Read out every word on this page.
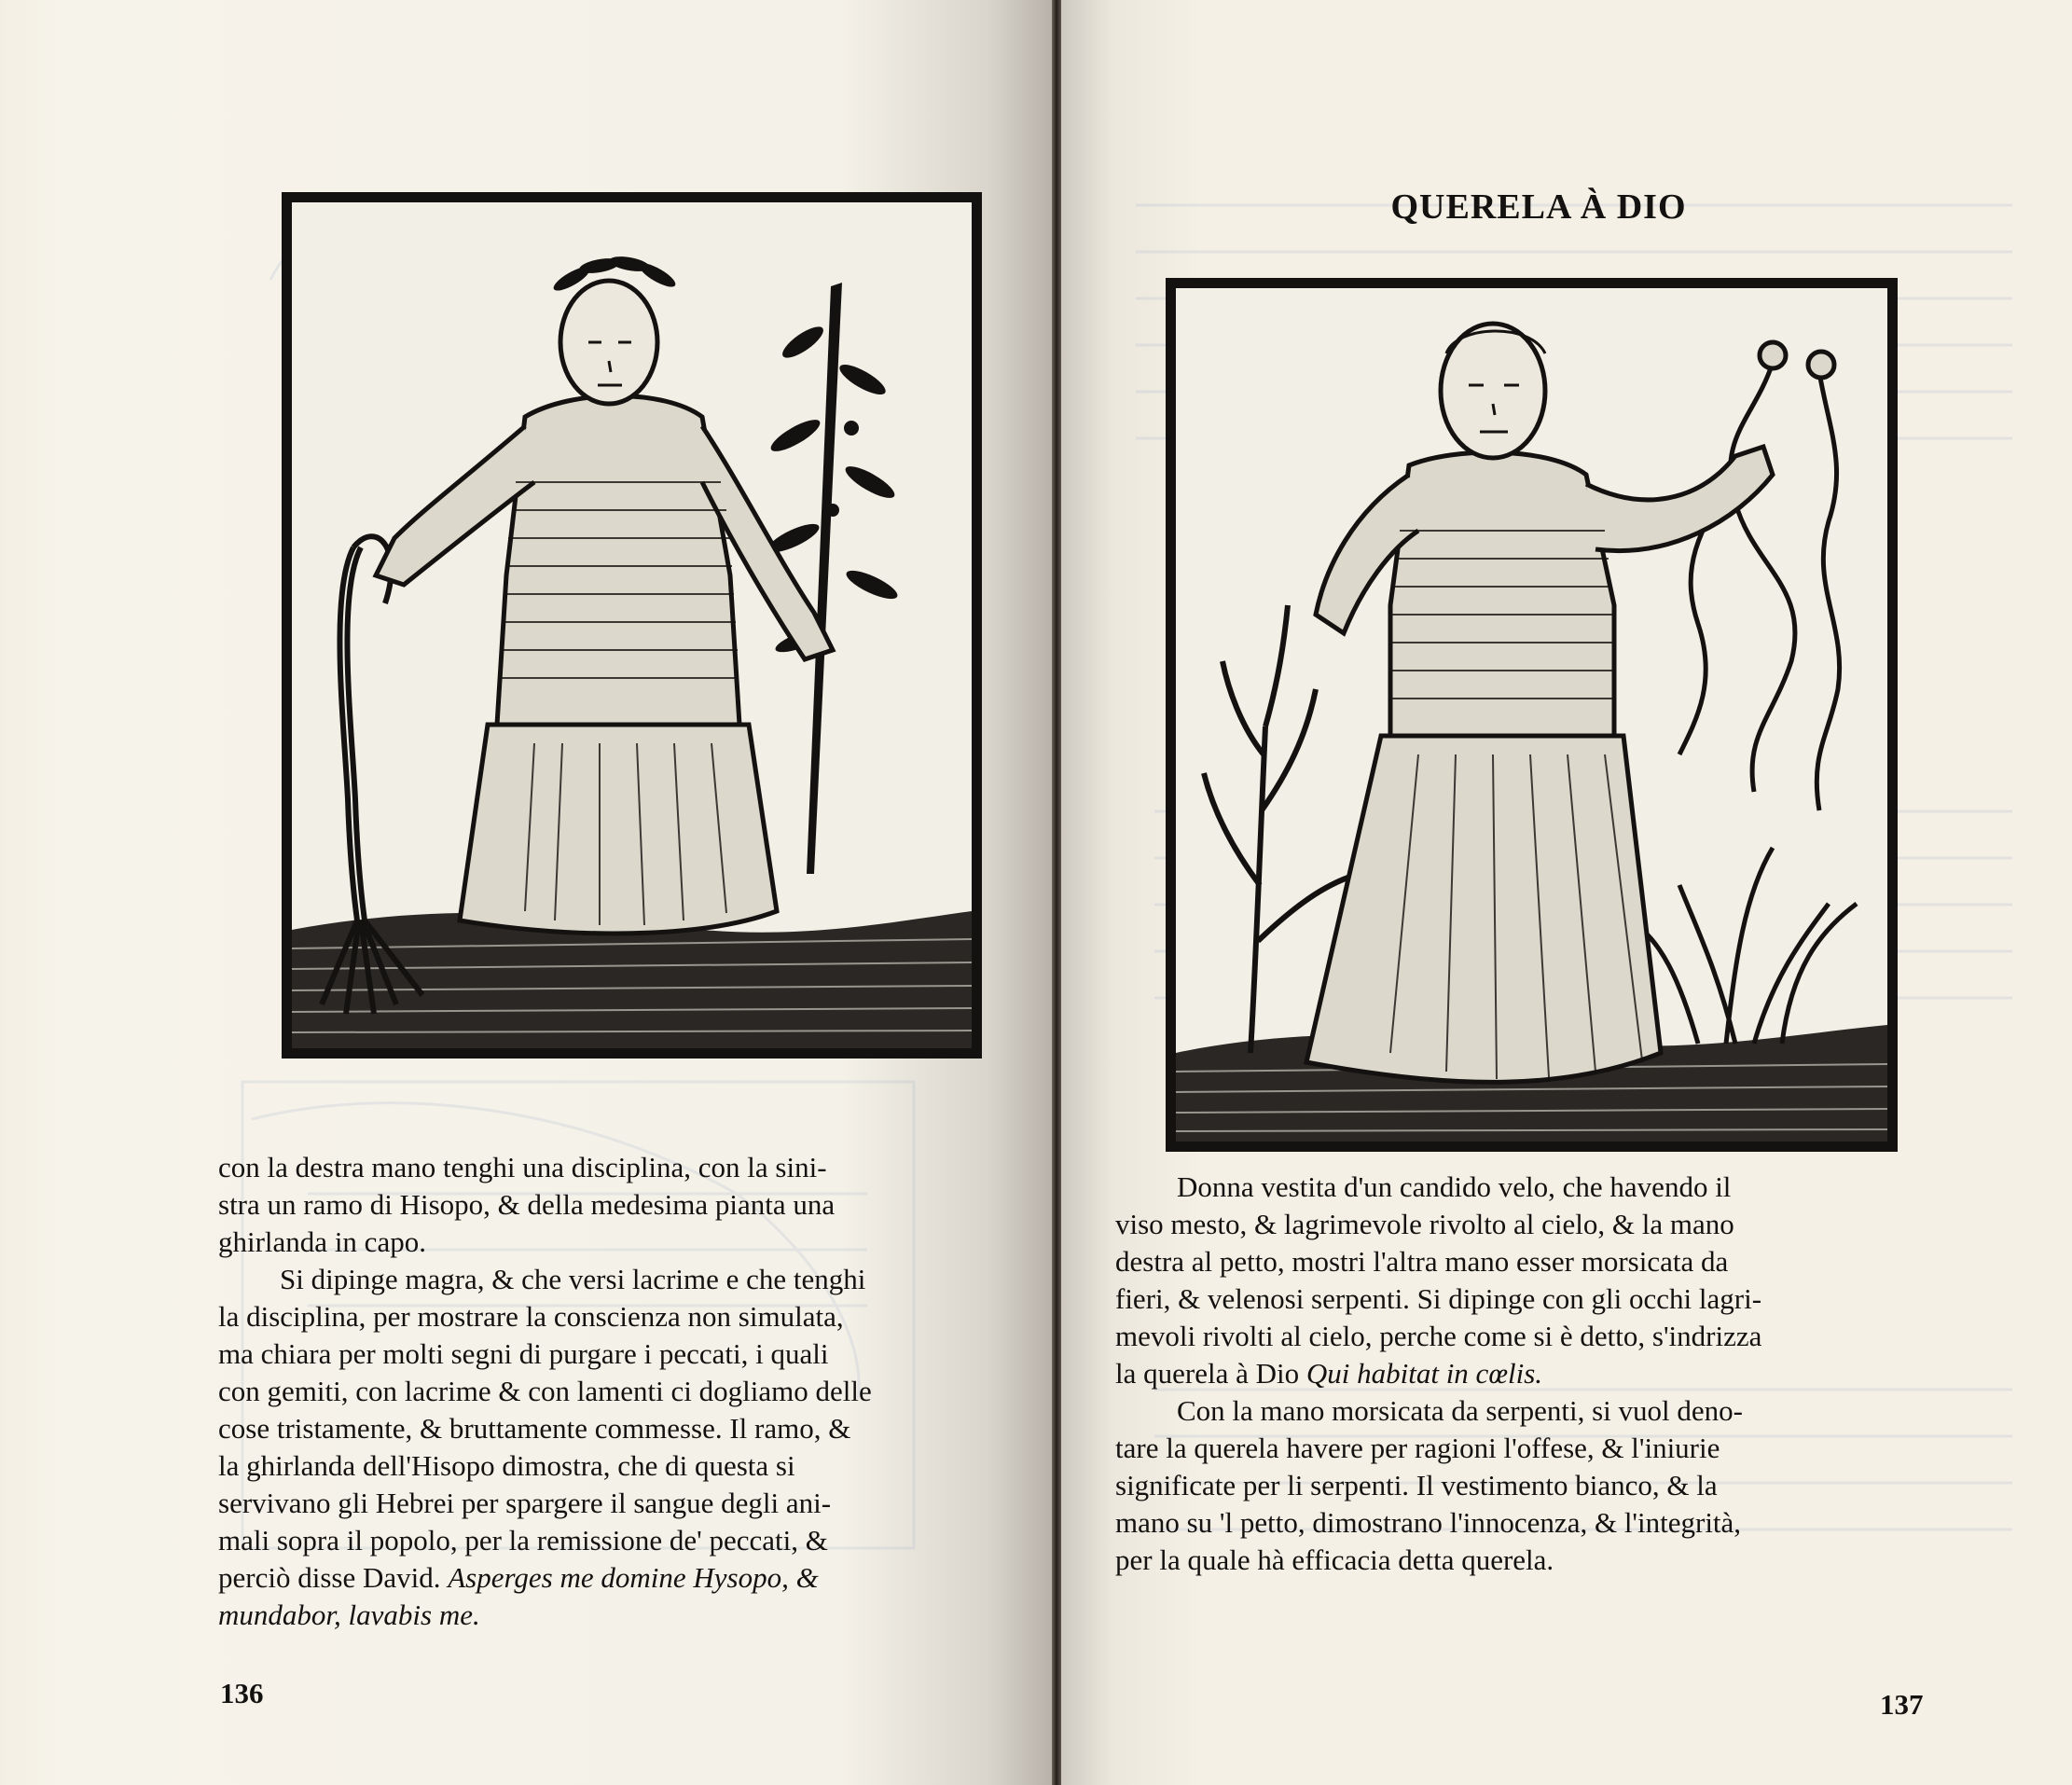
con la destra mano tenghi una disciplina, con la sini-
stra un ramo di Hisopo, & della medesima pianta una
ghirlanda in capo.
Si dipinge magra, & che versi lacrime e che tenghi
la disciplina, per mostrare la conscienza non simulata,
ma chiara per molti segni di purgare i peccati, i quali
con gemiti, con lacrime & con lamenti ci dogliamo delle
cose tristamente, & bruttamente commesse. Il ramo, &
la ghirlanda dell'Hisopo dimostra, che di questa si
servivano gli Hebrei per spargere il sangue degli ani-
mali sopra il popolo, per la remissione de' peccati, &
perciò disse David. Asperges me domine Hysopo, &
mundabor, lavabis me.
136
QUERELA À DIO
Donna vestita d'un candido velo, che havendo il
viso mesto, & lagrimevole rivolto al cielo, & la mano
destra al petto, mostri l'altra mano esser morsicata da
fieri, & velenosi serpenti. Si dipinge con gli occhi lagri-
mevoli rivolti al cielo, perche come si è detto, s'indrizza
la querela à Dio Qui habitat in cœlis.
Con la mano morsicata da serpenti, si vuol deno-
tare la querela havere per ragioni l'offese, & l'iniurie
significate per li serpenti. Il vestimento bianco, & la
mano su 'l petto, dimostrano l'innocenza, & l'integrità,
per la quale hà efficacia detta querela.
137
